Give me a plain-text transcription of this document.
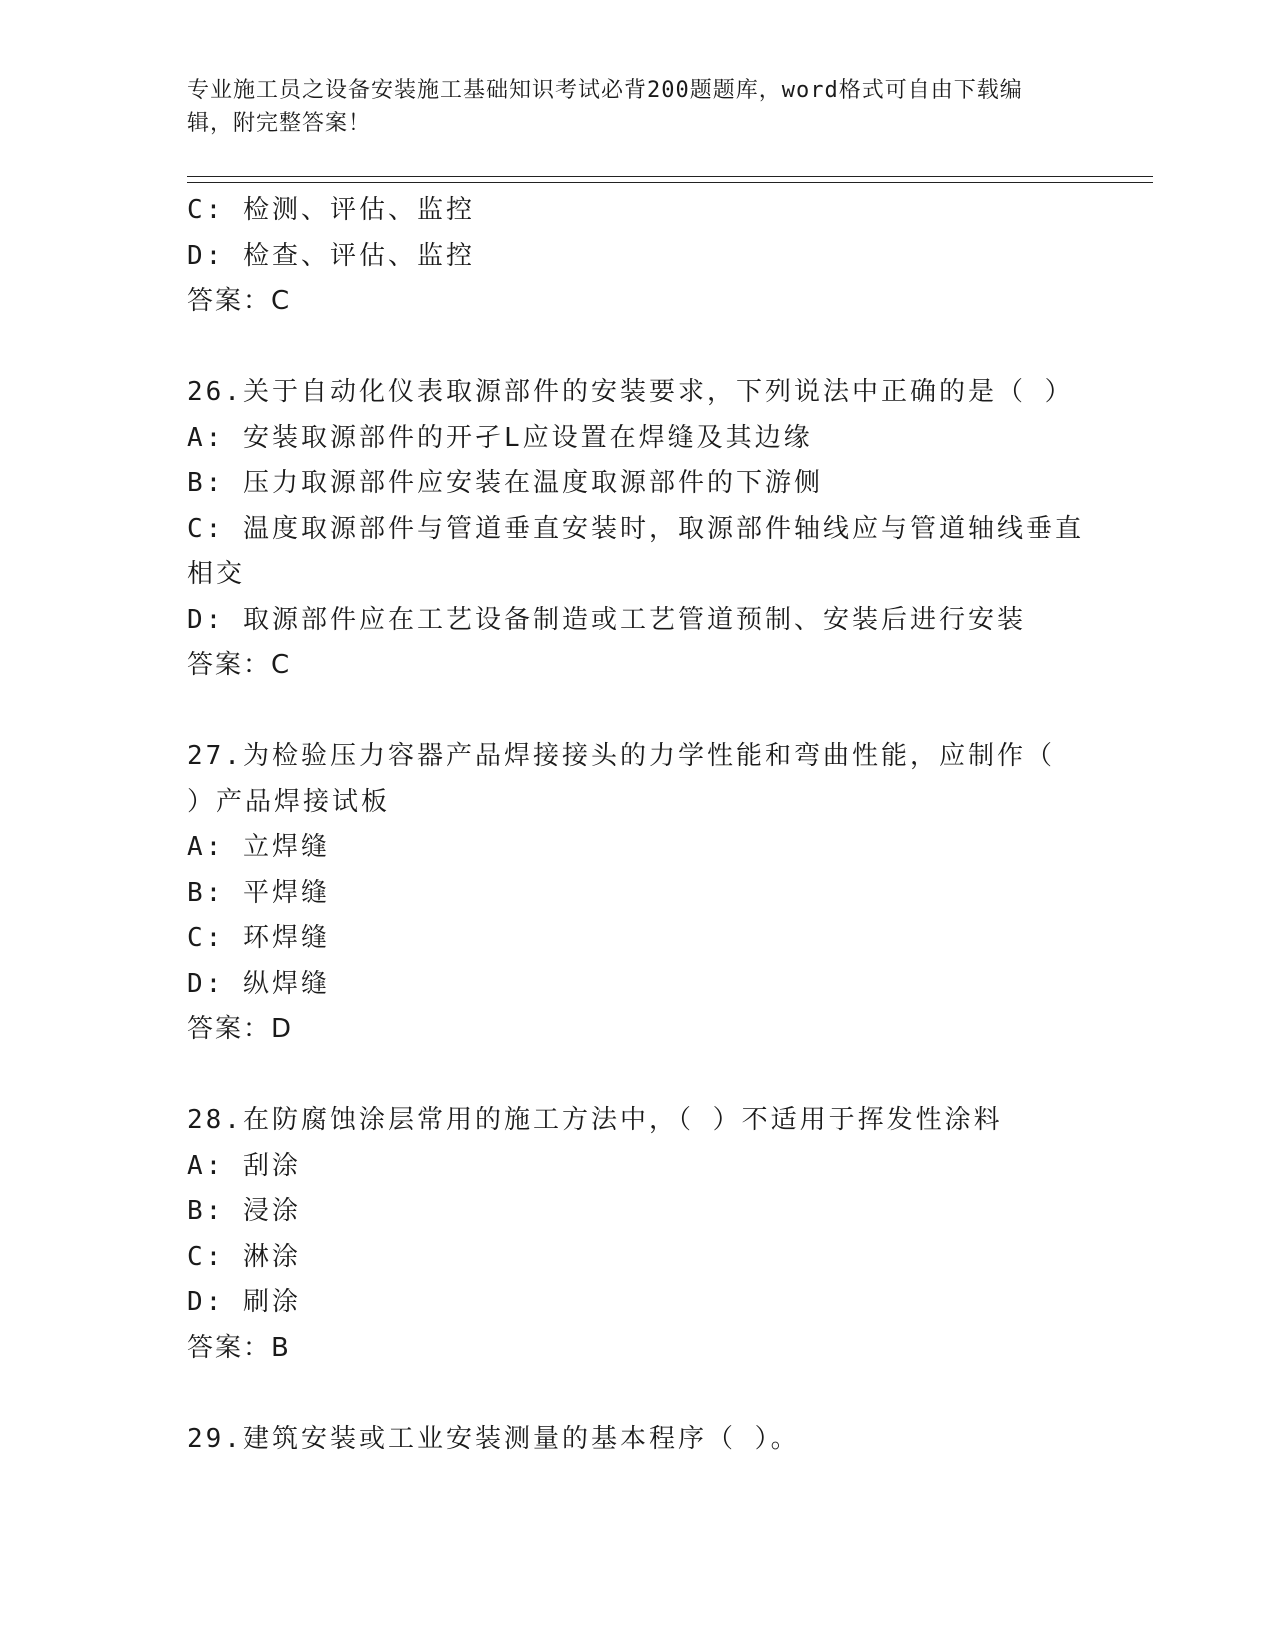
专业施工员之设备安装施工基础知识考试必背200题题库，word格式可自由下载编辑，附完整答案！
C: 检测、评估、监控
D: 检查、评估、监控
答案：C
26.关于自动化仪表取源部件的安装要求，下列说法中正确的是（ ）
A: 安装取源部件的开孑L应设置在焊缝及其边缘
B: 压力取源部件应安装在温度取源部件的下游侧
C: 温度取源部件与管道垂直安装时，取源部件轴线应与管道轴线垂直
相交
D: 取源部件应在工艺设备制造或工艺管道预制、安装后进行安装
答案：C
27.为检验压力容器产品焊接接头的力学性能和弯曲性能，应制作（
）产品焊接试板
A: 立焊缝
B: 平焊缝
C: 环焊缝
D: 纵焊缝
答案：D
28.在防腐蚀涂层常用的施工方法中，（ ）不适用于挥发性涂料
A: 刮涂
B: 浸涂
C: 淋涂
D: 刷涂
答案：B
29.建筑安装或工业安装测量的基本程序（ ）。
